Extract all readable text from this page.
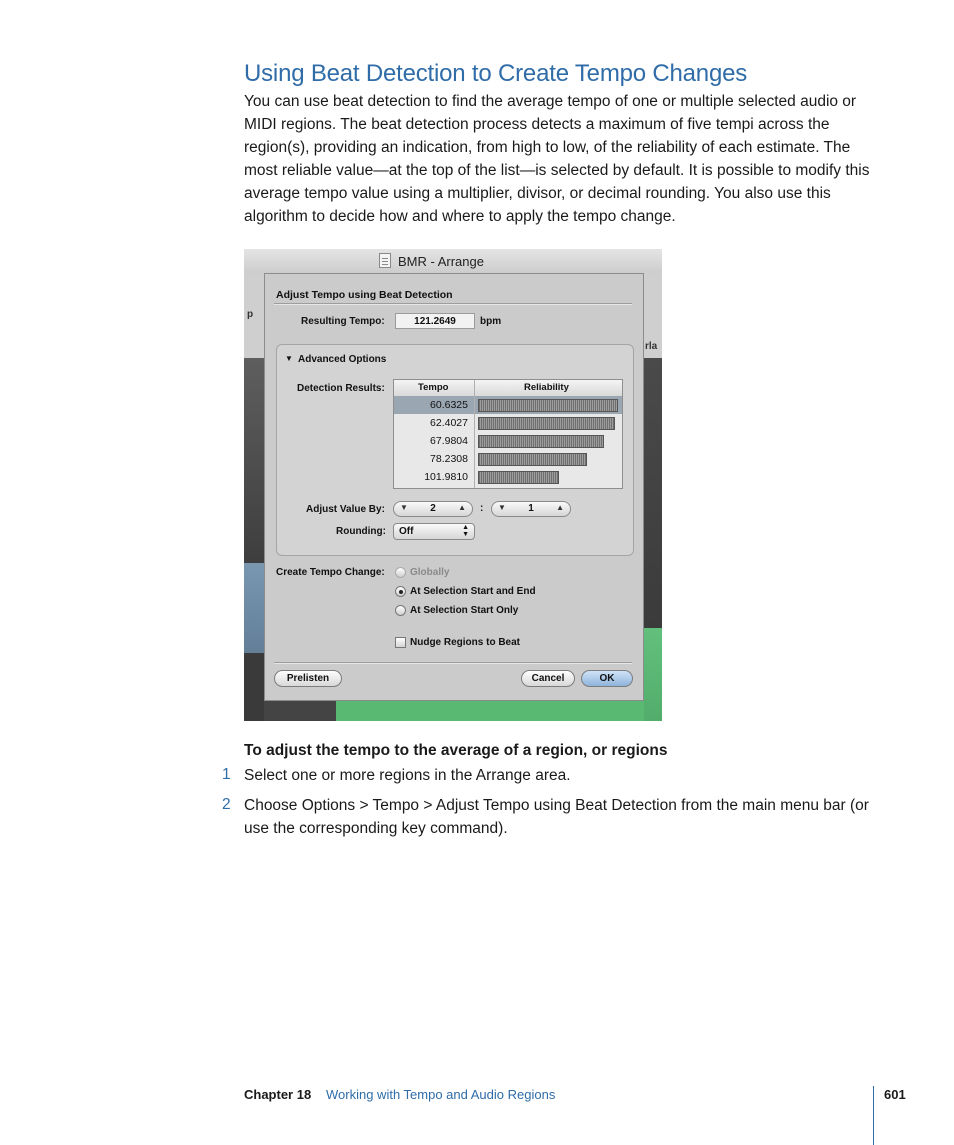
Using Beat Detection to Create Tempo Changes

You can use beat detection to find the average tempo of one or multiple selected audio or MIDI regions. The beat detection process detects a maximum of five tempi across the region(s), providing an indication, from high to low, of the reliability of each estimate. The most reliable value—at the top of the list—is selected by default. It is possible to modify this average tempo value using a multiplier, divisor, or decimal rounding. You also use this algorithm to decide how and where to apply the tempo change.

BMR - Arrange
p
rla
Adjust Tempo using Beat Detection
Resulting Tempo:	121.2649	bpm
▼ Advanced Options
Detection Results:	Tempo	Reliability
60.6325
62.4027
67.9804
78.2308
101.9810
Adjust Value By: ▼	2	▲ : ▼	1	▲
Rounding: Off	▲
▼
Create Tempo Change:	Globally
At Selection Start and End
At Selection Start Only
Nudge Regions to Beat
Prelisten	Cancel	OK
To adjust the tempo to the average of a region, or regions
1 Select one or more regions in the Arrange area.
2 Choose Options > Tempo > Adjust Tempo using Beat Detection from the main menu bar (or use the corresponding key command).
Chapter 18 Working with Tempo and Audio Regions	601
